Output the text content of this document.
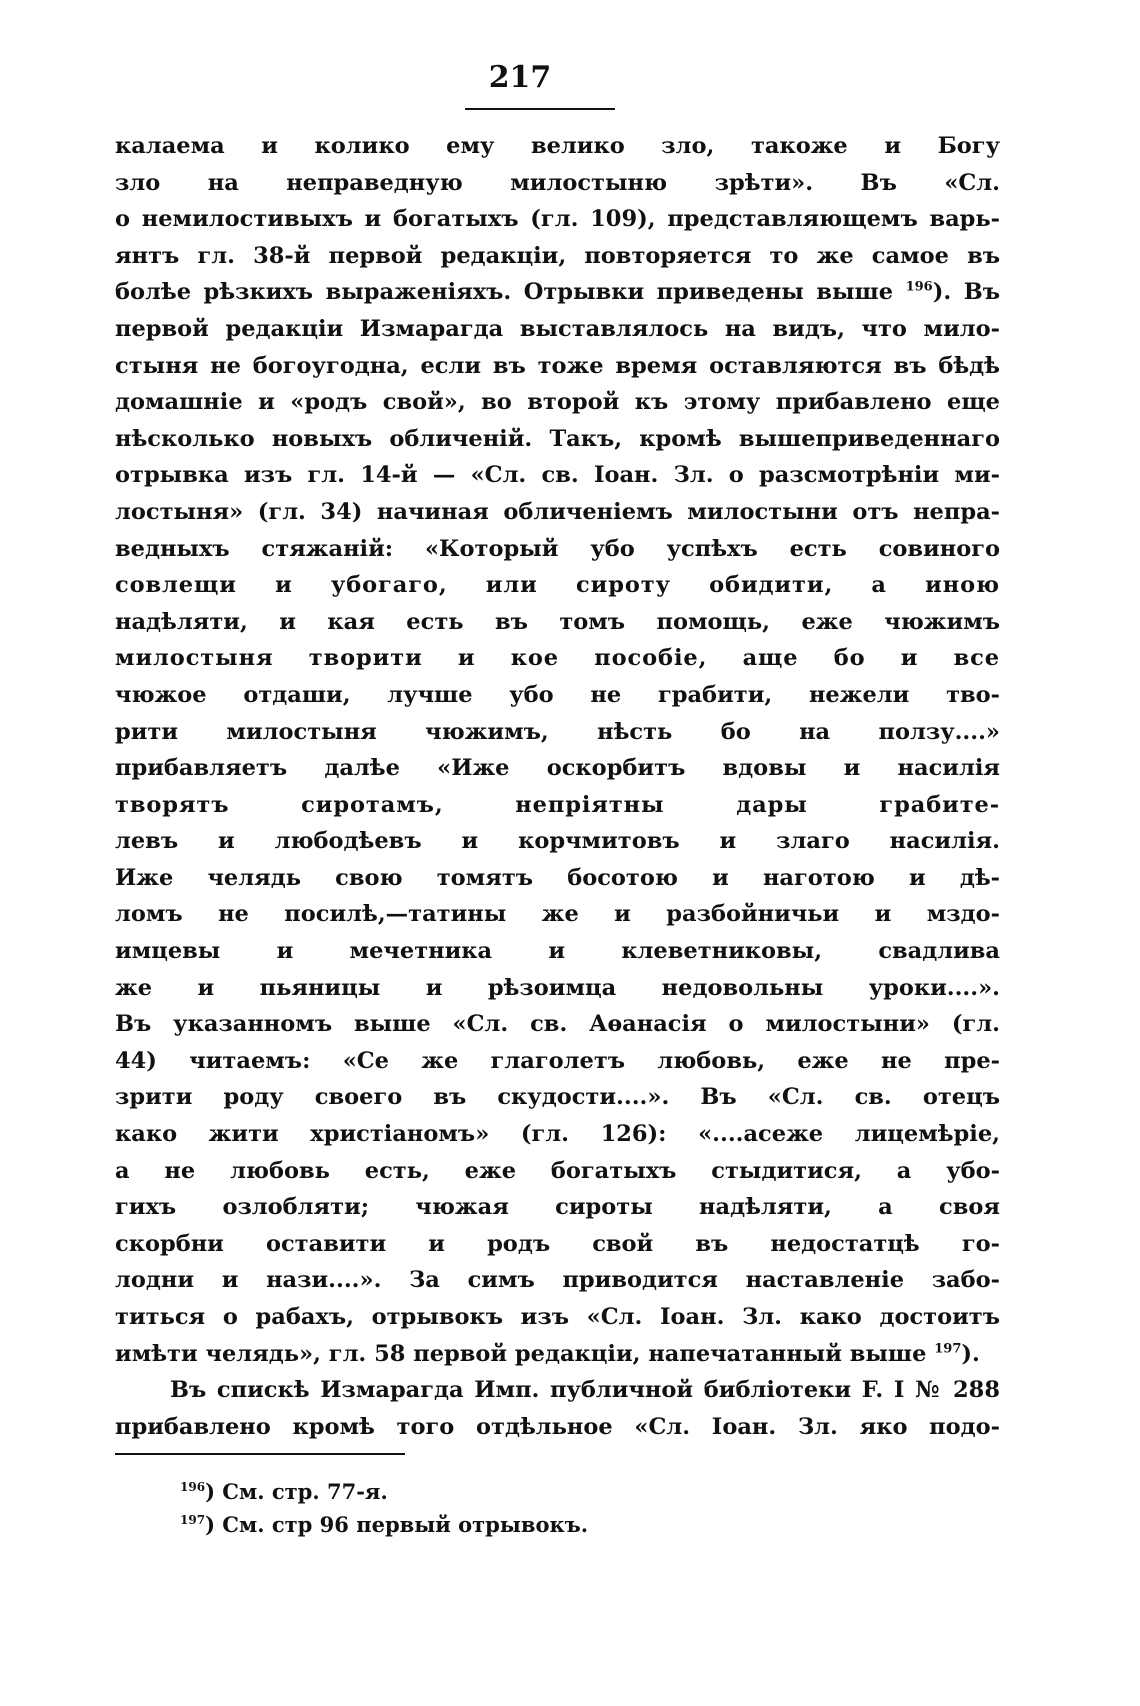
217
калаема и колико ему велико зло, такоже и Богу
зло на неправедную милостыню зрѣти». Въ «Сл.
о немилостивыхъ и богатыхъ (гл. 109), представляющемъ варь-
янтъ гл. 38-й первой редакціи, повторяется то же самое въ
болѣе рѣзкихъ выраженіяхъ. Отрывки приведены выше $^{196}$). Въ
первой редакціи Измарагда выставлялось на видъ, что мило-
стыня не богоугодна, если въ тоже время оставляются въ бѣдѣ
домашніе и «родъ свой», во второй къ этому прибавлено еще
нѣсколько новыхъ обличеній. Такъ, кромѣ вышеприведеннаго
отрывка изъ гл. 14-й — «Сл. св. Іоан. Зл. о разсмотрѣніи ми-
лостыня» (гл. 34) начиная обличеніемъ милостыни отъ непра-
ведныхъ стяжаній: «Который убо успѣхъ есть совиного
совлещи и убогаго, или сироту обидити, а иною
надѣляти, и кая есть въ томъ помощь, еже чюжимъ
милостыня творити и кое пособіе, аще бо и все
чюжое отдаши, лучше убо не грабити, нежели тво-
рити милостыня чюжимъ, нѣсть бо на ползу....»
прибавляетъ далѣе «Иже оскорбитъ вдовы и насилія
творятъ сиротамъ, непріятны дары грабите-
левъ и любодѣевъ и корчмитовъ и злаго насилія.
Иже челядь свою томятъ босотою и наготою и дѣ-
ломъ не посилѣ,—татины же и разбойничьи и мздо-
имцевы и мечетника и клеветниковы, свадлива
же и пьяницы и рѣзоимца недовольны уроки....».
Въ указанномъ выше «Сл. св. Аѳанасія о милостыни» (гл.
44) читаемъ: «Се же глаголетъ любовь, еже не пре-
зрити роду своего въ скудости....». Въ «Сл. св. отецъ
како жити христіаномъ» (гл. 126): «....асеже лицемѣріе,
а не любовь есть, еже богатыхъ стыдитися, а убо-
гихъ озлобляти; чюжая сироты надѣляти, а своя
скорбни оставити и родъ свой въ недостатцѣ го-
лодни и нази....». За симъ приводится наставленіе забо-
титься о рабахъ, отрывокъ изъ «Сл. Іоан. Зл. како достоитъ
имѣти челядь», гл. 58 первой редакціи, напечатанный выше $^{197}$).
Въ спискѣ Измарагда Имп. публичной библіотеки F. I № 288
прибавлено кромѣ того отдѣльное «Сл. Іоан. Зл. яко подо-
$^{196}$) См. стр. 77-я.
$^{197}$) См. стр 96 первый отрывокъ.
